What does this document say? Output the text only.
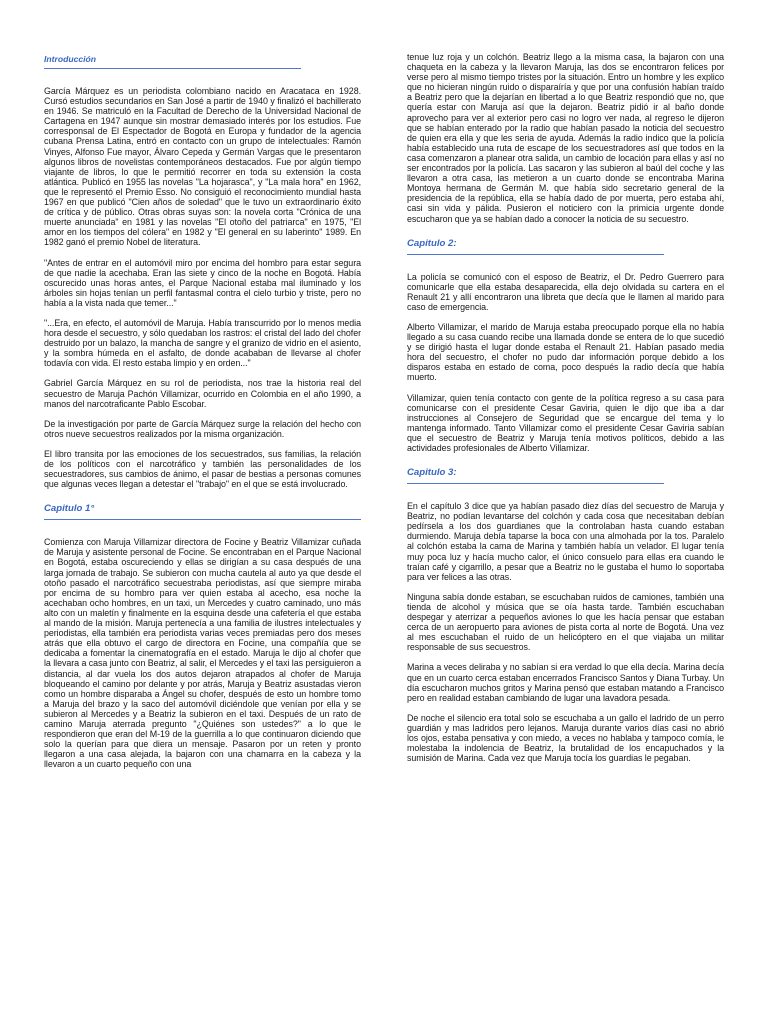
Introducción

García Márquez es un periodista colombiano nacido en Aracataca en 1928. Cursó estudios secundarios en San José a partir de 1940 y finalizó el bachillerato en 1946. Se matriculó en la Facultad de Derecho de la Universidad Nacional de Cartagena en 1947 aunque sin mostrar demasiado interés por los estudios. Fue corresponsal de El Espectador de Bogotá en Europa y fundador de la agencia cubana Prensa Latina, entró en contacto con un grupo de intelectuales: Ramón Vinyes, Alfonso Fue mayor, Álvaro Cepeda y Germán Vargas que le presentaron algunos libros de novelistas contemporáneos destacados. Fue por algún tiempo viajante de libros, lo que le permitió recorrer en toda su extensión la costa atlántica. Publicó en 1955 las novelas "La hojarasca", y "La mala hora" en 1962, que le representó el Premio Esso. No consiguió el reconocimiento mundial hasta 1967 en que publicó "Cien años de soledad" que le tuvo un extraordinario éxito de crítica y de público. Otras obras suyas son: la novela corta "Crónica de una muerte anunciada" en 1981 y las novelas "El otoño del patriarca" en 1975, "El amor en los tiempos del cólera" en 1982 y "El general en su laberinto" 1989. En 1982 ganó el premio Nobel de literatura.

"Antes de entrar en el automóvil miro por encima del hombro para estar segura de que nadie la acechaba. Eran las siete y cinco de la noche en Bogotá. Había oscurecido unas horas antes, el Parque Nacional estaba mal iluminado y los árboles sin hojas tenían un perfil fantasmal contra el cielo turbio y triste, pero no había a la vista nada que temer..."

"...Era, en efecto, el automóvil de Maruja. Había transcurrido por lo menos media hora desde el secuestro, y sólo quedaban los rastros: el cristal del lado del chofer destruido por un balazo, la mancha de sangre y el granizo de vidrio en el asiento, y la sombra húmeda en el asfalto, de donde acababan de llevarse al chofer todavía con vida. El resto estaba limpio y en orden..."

Gabriel García Márquez en su rol de periodista, nos trae la historia real del secuestro de Maruja Pachón Villamizar, ocurrido en Colombia en el año 1990, a manos del narcotraficante Pablo Escobar.

De la investigación por parte de García Márquez surge la relación del hecho con otros nueve secuestros realizados por la misma organización.

El libro transita por las emociones de los secuestrados, sus familias, la relación de los políticos con el narcotráfico y también las personalidades de los secuestradores, sus cambios de ánimo, el pasar de bestias a personas comunes que algunas veces llegan a detestar el "trabajo" en el que se está involucrado.

Capitulo 1°

Comienza con Maruja Villamizar directora de Focine y Beatriz Villamizar cuñada de Maruja y asistente personal de Focine. Se encontraban en el Parque Nacional en Bogotá, estaba oscureciendo y ellas se dirigían a su casa después de una larga jornada de trabajo. Se subieron con mucha cautela al auto ya que desde el otoño pasado el narcotráfico secuestraba periodistas, así que siempre miraba por encima de su hombro para ver quien estaba al acecho, esa noche la acechaban ocho hombres, en un taxi, un Mercedes y cuatro caminado, uno más alto con un maletín y finalmente en la esquina desde una cafetería el que estaba al mando de la misión. Maruja pertenecía a una familia de ilustres intelectuales y periodistas, ella también era periodista varias veces premiadas pero dos meses atrás que ella obtuvo el cargo de directora en Focine, una compañía que se dedicaba a fomentar la cinematografía en el estado. Maruja le dijo al chofer que la llevara a casa junto con Beatriz, al salir, el Mercedes y el taxi las persiguieron a distancia, al dar vuela los dos autos dejaron atrapados al chofer de Maruja bloqueando el camino por delante y por atrás, Maruja y Beatriz asustadas vieron como un hombre disparaba a Ángel su chofer, después de esto un hombre tomo a Maruja del brazo y la saco del automóvil diciéndole que venían por ella y se subieron al Mercedes y a Beatriz la subieron en el taxi. Después de un rato de camino Maruja aterrada pregunto "¿Quiénes son ustedes?" a lo que le respondieron que eran del M-19 de la guerrilla a lo que continuaron diciendo que solo la querían para que diera un mensaje. Pasaron por un reten y pronto llegaron a una casa alejada, la bajaron con una chamarra en la cabeza y la llevaron a un cuarto pequeño con una

tenue luz roja y un colchón. Beatriz llego a la misma casa, la bajaron con una chaqueta en la cabeza y la llevaron Maruja, las dos se encontraron felices por verse pero al mismo tiempo tristes por la situación. Entro un hombre y les explico que no hicieran ningún ruido o disparaíría y que por una confusión habían traído a Beatriz pero que la dejarían en libertad a lo que Beatriz respondió que no, que quería estar con Maruja así que la dejaron. Beatriz pidió ir al baño donde aprovecho para ver al exterior pero casi no logro ver nada, al regreso le dijeron que se habían enterado por la radio que habían pasado la noticia del secuestro de quien era ella y que les seria de ayuda. Además la radio indico que la policía había establecido una ruta de escape de los secuestradores así que todos en la casa comenzaron a planear otra salida, un cambio de locación para ellas y así no ser encontrados por la policía. Las sacaron y las subieron al baúl del coche y las llevaron a otra casa, las metieron a un cuarto donde se encontraba Marina Montoya hermana de Germán M. que había sido secretario general de la presidencia de la república, ella se había dado de por muerta, pero estaba ahí, casi sin vida y pálida. Pusieron el noticiero con la primicia urgente donde escucharon que ya se habían dado a conocer la noticia de su secuestro.

Capitulo 2:

La policía se comunicó con el esposo de Beatriz, el Dr. Pedro Guerrero para comunicarle que ella estaba desaparecida, ella dejo olvidada su cartera en el Renault 21 y allí encontraron una libreta que decía que le llamen al marido para caso de emergencia.

Alberto Villamizar, el marido de Maruja estaba preocupado porque ella no había llegado a su casa cuando recibe una llamada donde se entera de lo que sucedió y se dirigió hasta el lugar donde estaba el Renault 21. Habían pasado media hora del secuestro, el chofer no pudo dar información porque debido a los disparos estaba en estado de coma, poco después la radio decía que había muerto.

Villamizar, quien tenía contacto con gente de la política regreso a su casa para comunicarse con el presidente Cesar Gaviria, quien le dijo que iba a dar instrucciones al Consejero de Seguridad que se encargue del tema y lo mantenga informado. Tanto Villamizar como el presidente Cesar Gaviria sabían que el secuestro de Beatriz y Maruja tenía motivos políticos, debido a las actividades profesionales de Alberto Villamizar.

Capitulo 3:

En el capítulo 3 dice que ya habían pasado diez días del secuestro de Maruja y Beatriz, no podían levantarse del colchón y cada cosa que necesitaban debían pedírsela a los dos guardianes que la controlaban hasta cuando estaban durmiendo. Maruja debía taparse la boca con una almohada por la tos. Paralelo al colchón estaba la cama de Marina y también había un velador. El lugar tenía muy poca luz y hacía mucho calor, el único consuelo para ellas era cuando le traían café y cigarrillo, a pesar que a Beatriz no le gustaba el humo lo soportaba para ver felices a las otras.

Ninguna sabía donde estaban, se escuchaban ruidos de camiones, también una tienda de alcohol y música que se oía hasta tarde. También escuchaban despegar y aterrizar a pequeños aviones lo que les hacía pensar que estaban cerca de un aeropuerto para aviones de pista corta al norte de Bogotá. Una vez al mes escuchaban el ruido de un helicóptero en el que viajaba un militar responsable de sus secuestros.

Marina a veces deliraba y no sabían si era verdad lo que ella decía. Marina decía que en un cuarto cerca estaban encerrados Francisco Santos y Diana Turbay. Un día escucharon muchos gritos y Marina pensó que estaban matando a Francisco pero en realidad estaban cambiando de lugar una lavadora pesada.

De noche el silencio era total solo se escuchaba a un gallo el ladrido de un perro guardián y mas ladridos pero lejanos. Maruja durante varios días casi no abrió los ojos, estaba pensativa y con miedo, a veces no hablaba y tampoco comía, le molestaba la indolencia de Beatriz, la brutalidad de los encapuchados y la sumisión de Marina. Cada vez que Maruja tocía los guardias le pegaban.
